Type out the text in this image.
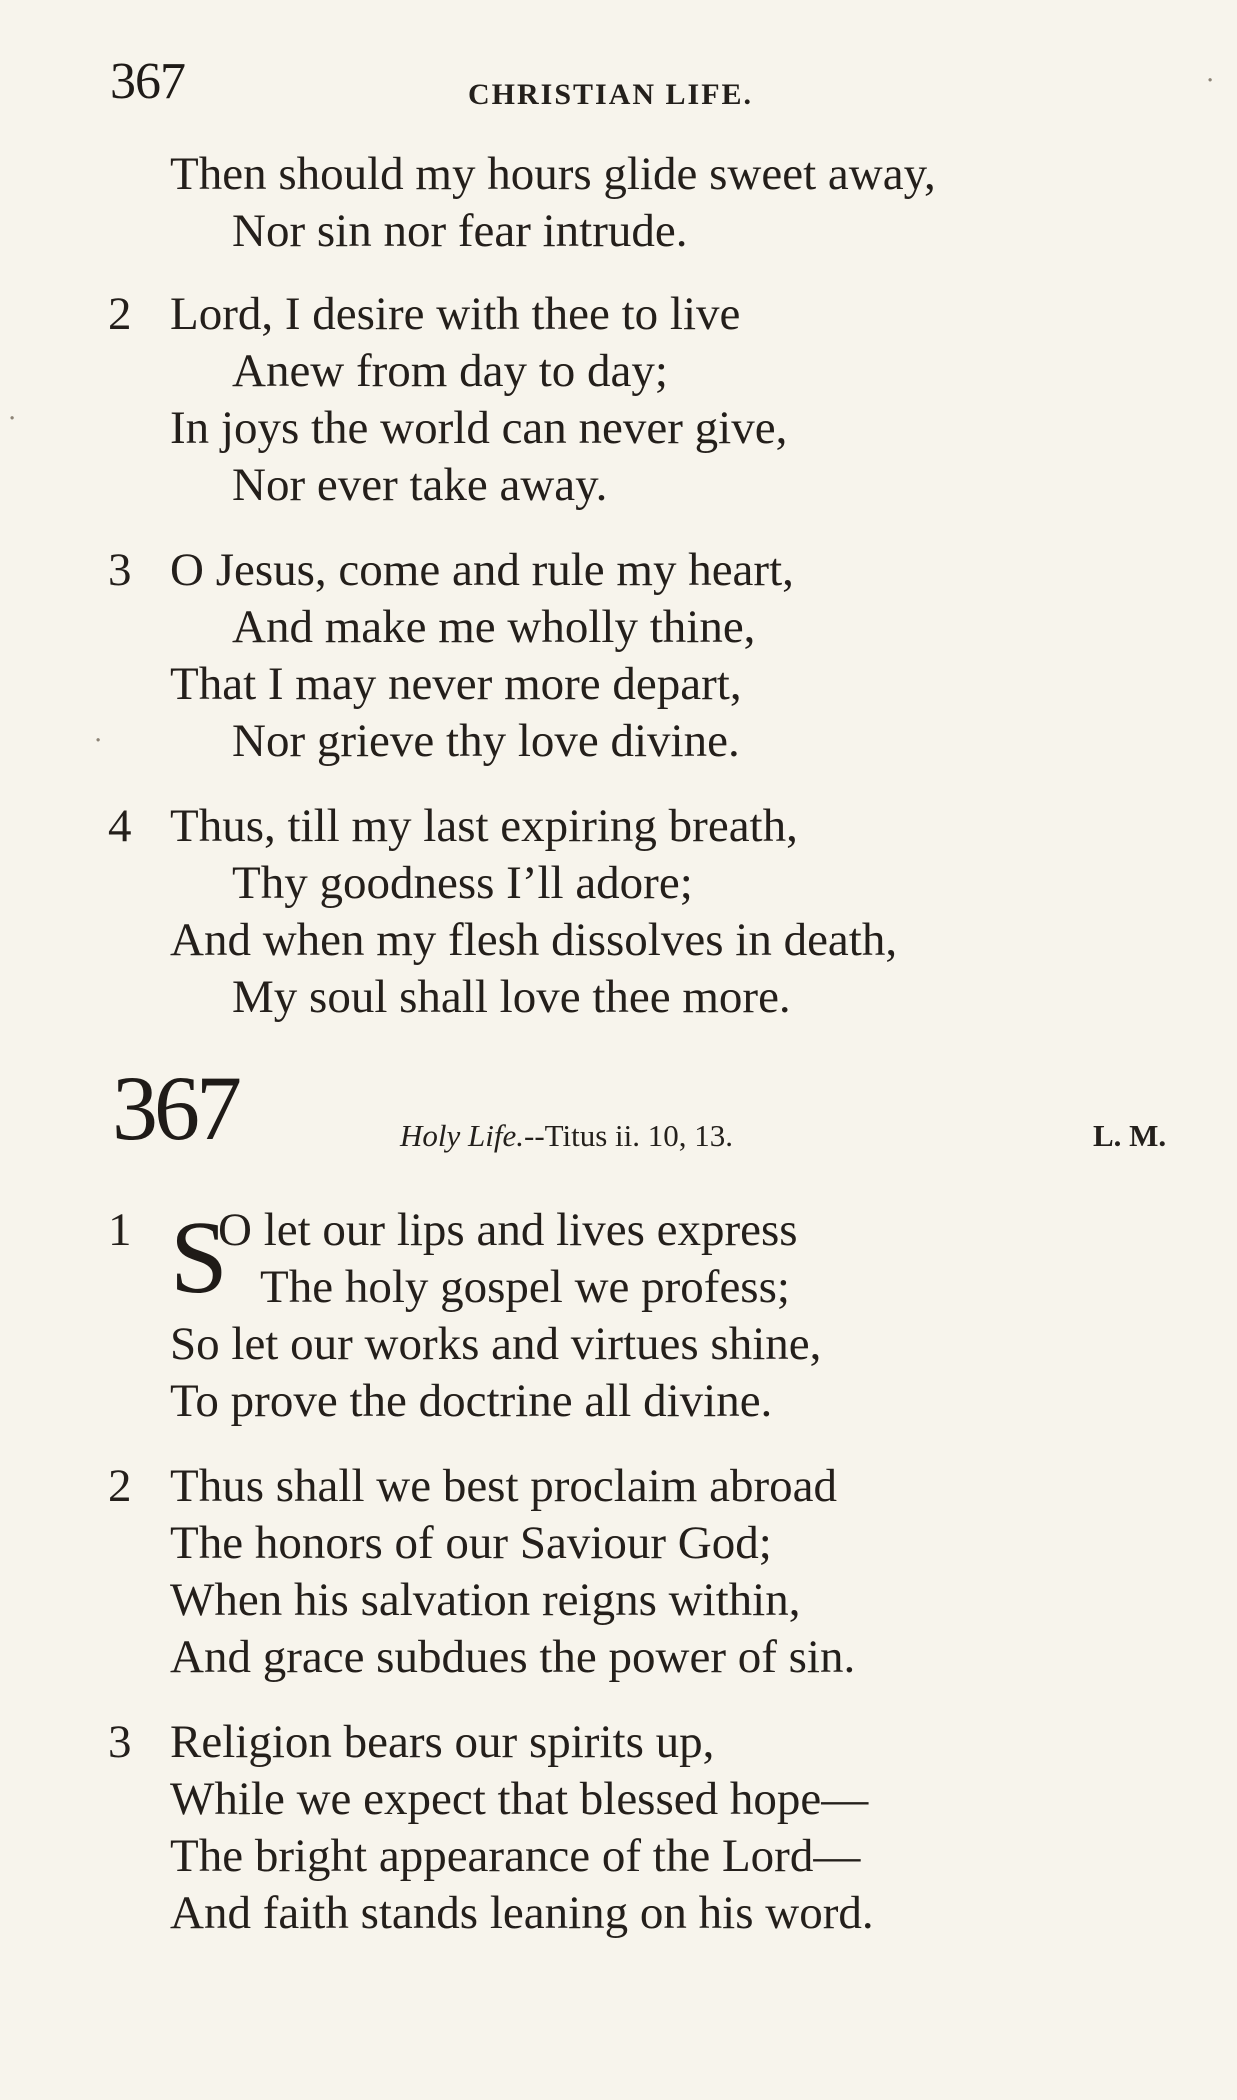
367	CHRISTIAN LIFE.
Then should my hours glide sweet away,
Nor sin nor fear intrude.
2 Lord, I desire with thee to live
Anew from day to day;
In joys the world can never give,
Nor ever take away.
3 O Jesus, come and rule my heart,
And make me wholly thine,
That I may never more depart,
Nor grieve thy love divine.
4 Thus, till my last expiring breath,
Thy goodness I’ll adore;
And when my flesh dissolves in death,
My soul shall love thee more.
367	Holy Life.--Titus ii. 10, 13.	L. M.
S
1 O let our lips and lives express
The holy gospel we profess;
So let our works and virtues shine,
To prove the doctrine all divine.
2 Thus shall we best proclaim abroad
The honors of our Saviour God;
When his salvation reigns within,
And grace subdues the power of sin.
3 Religion bears our spirits up,
While we expect that blessed hope—
The bright appearance of the Lord—
And faith stands leaning on his word.
·
·
·
